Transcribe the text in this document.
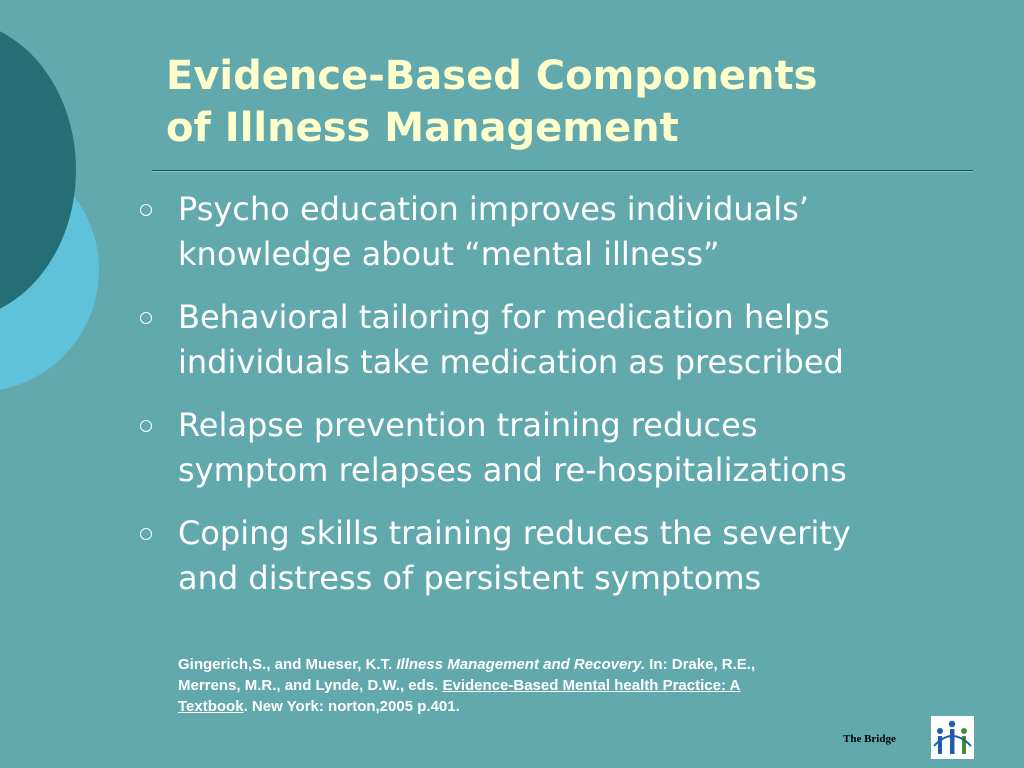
Evidence-Based Components
of Illness Management
Psycho education improves individuals’
knowledge about “mental illness”
Behavioral tailoring for medication helps
individuals take medication as prescribed
Relapse prevention training reduces
symptom relapses and re-hospitalizations
Coping skills training reduces the severity
and distress of persistent symptoms
Gingerich,S., and Mueser, K.T. Illness Management and Recovery. In: Drake, R.E.,
Merrens, M.R., and Lynde, D.W., eds. Evidence-Based Mental health Practice: A
Textbook. New York: norton,2005 p.401.
The Bridge
